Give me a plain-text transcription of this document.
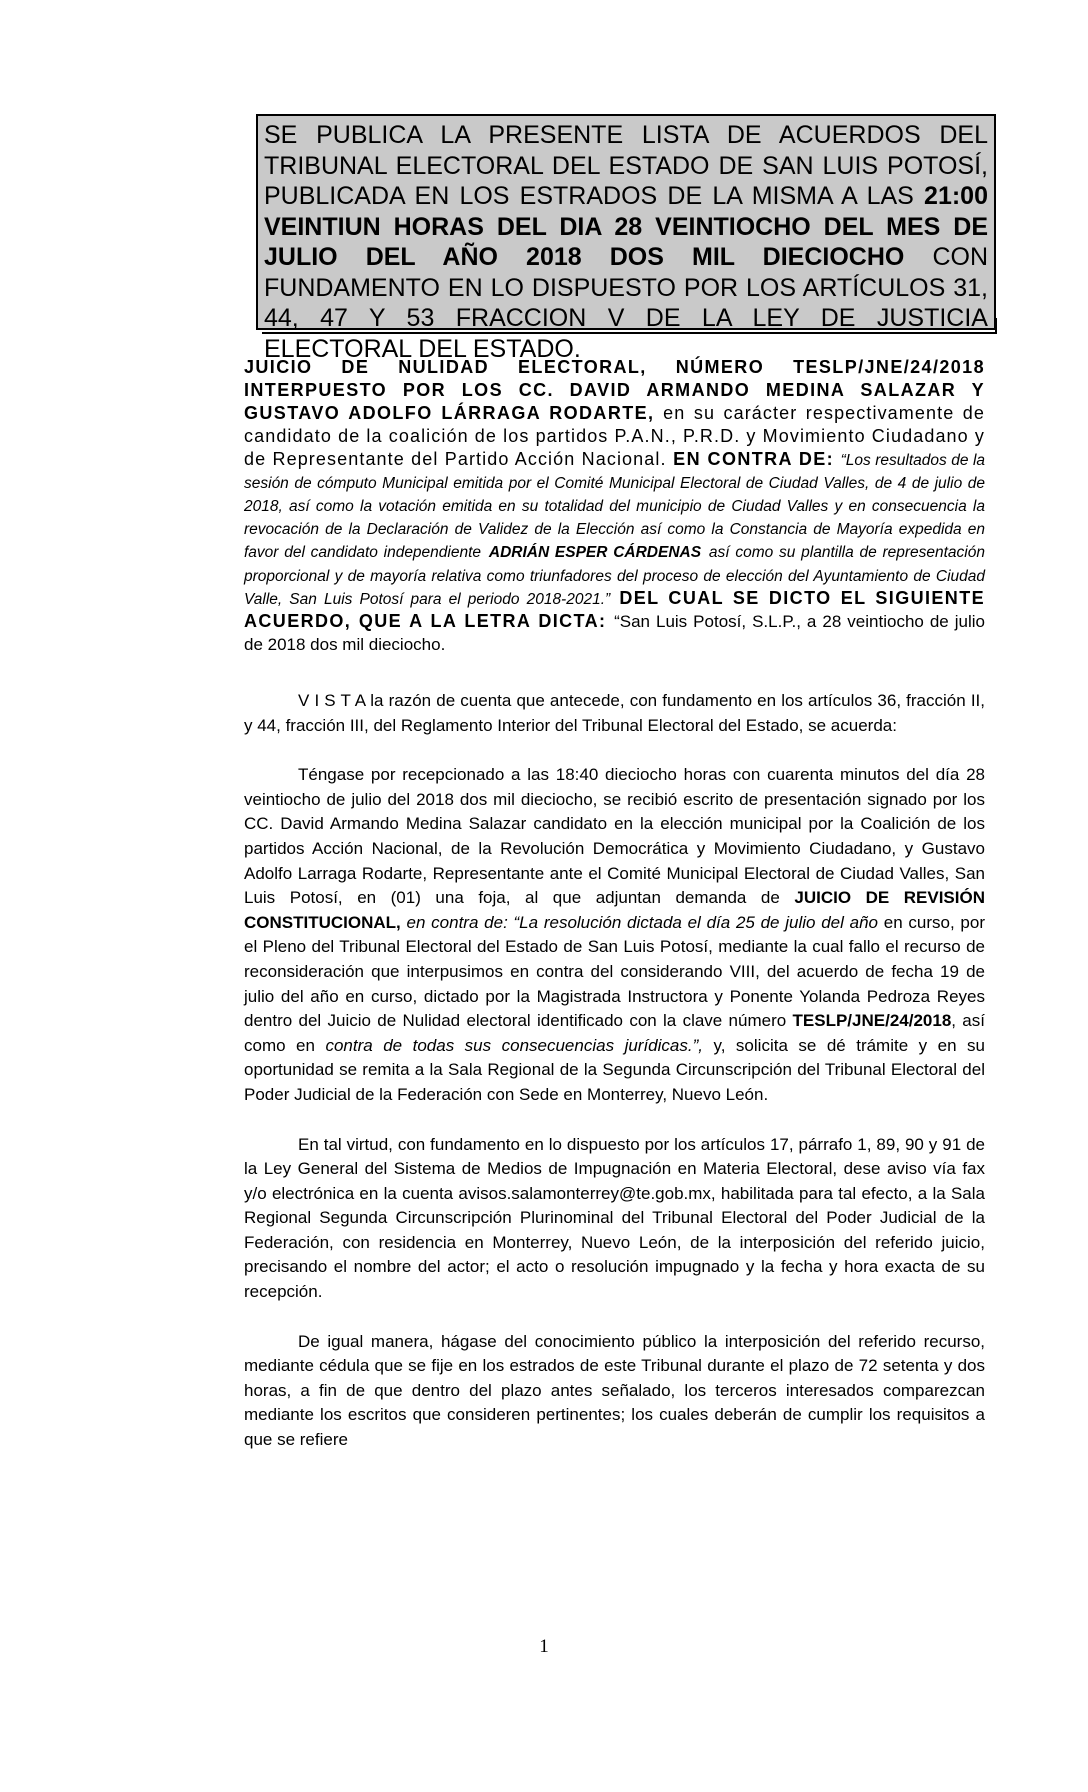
SE PUBLICA LA PRESENTE LISTA DE ACUERDOS DEL TRIBUNAL ELECTORAL DEL ESTADO DE SAN LUIS POTOSÍ, PUBLICADA EN LOS ESTRADOS DE LA MISMA A LAS 21:00 VEINTIUN HORAS DEL DIA 28 VEINTIOCHO DEL MES DE JULIO DEL AÑO 2018 DOS MIL DIECIOCHO CON FUNDAMENTO EN LO DISPUESTO POR LOS ARTÍCULOS 31, 44, 47 Y 53 FRACCION V DE LA LEY DE JUSTICIA ELECTORAL DEL ESTADO.
JUICIO DE NULIDAD ELECTORAL, NÚMERO TESLP/JNE/24/2018 INTERPUESTO POR LOS CC. DAVID ARMANDO MEDINA SALAZAR Y GUSTAVO ADOLFO LÁRRAGA RODARTE, en su carácter respectivamente de candidato de la coalición de los partidos P.A.N., P.R.D. y Movimiento Ciudadano y de Representante del Partido Acción Nacional. EN CONTRA DE: “Los resultados de la sesión de cómputo Municipal emitida por el Comité Municipal Electoral de Ciudad Valles, de 4 de julio de 2018, así como la votación emitida en su totalidad del municipio de Ciudad Valles y en consecuencia la revocación de la Declaración de Validez de la Elección así como la Constancia de Mayoría expedida en favor del candidato independiente ADRIÁN ESPER CÁRDENAS así como su plantilla de representación proporcional y de mayoría relativa como triunfadores del proceso de elección del Ayuntamiento de Ciudad Valle, San Luis Potosí para el periodo 2018-2021.” DEL CUAL SE DICTO EL SIGUIENTE ACUERDO, QUE A LA LETRA DICTA: “San Luis Potosí, S.L.P., a 28 veintiocho de julio de 2018 dos mil dieciocho.

V I S T A la razón de cuenta que antecede, con fundamento en los artículos 36, fracción II, y 44, fracción III, del Reglamento Interior del Tribunal Electoral del Estado, se acuerda:

Téngase por recepcionado a las 18:40 dieciocho horas con cuarenta minutos del día 28 veintiocho de julio del 2018 dos mil dieciocho, se recibió escrito de presentación signado por los CC. David Armando Medina Salazar candidato en la elección municipal por la Coalición de los partidos Acción Nacional, de la Revolución Democrática y Movimiento Ciudadano, y Gustavo Adolfo Larraga Rodarte, Representante ante el Comité Municipal Electoral de Ciudad Valles, San Luis Potosí, en (01) una foja, al que adjuntan demanda de JUICIO DE REVISIÓN CONSTITUCIONAL, en contra de: “La resolución dictada el día 25 de julio del año en curso, por el Pleno del Tribunal Electoral del Estado de San Luis Potosí, mediante la cual fallo el recurso de reconsideración que interpusimos en contra del considerando VIII, del acuerdo de fecha 19 de julio del año en curso, dictado por la Magistrada Instructora y Ponente Yolanda Pedroza Reyes dentro del Juicio de Nulidad electoral identificado con la clave número TESLP/JNE/24/2018, así como en contra de todas sus consecuencias jurídicas.”, y, solicita se dé trámite y en su oportunidad se remita a la Sala Regional de la Segunda Circunscripción del Tribunal Electoral del Poder Judicial de la Federación con Sede en Monterrey, Nuevo León.

En tal virtud, con fundamento en lo dispuesto por los artículos 17, párrafo 1, 89, 90 y 91 de la Ley General del Sistema de Medios de Impugnación en Materia Electoral, dese aviso vía fax y/o electrónica en la cuenta avisos.salamonterrey@te.gob.mx, habilitada para tal efecto, a la Sala Regional Segunda Circunscripción Plurinominal del Tribunal Electoral del Poder Judicial de la Federación, con residencia en Monterrey, Nuevo León, de la interposición del referido juicio, precisando el nombre del actor; el acto o resolución impugnado y la fecha y hora exacta de su recepción.

De igual manera, hágase del conocimiento público la interposición del referido recurso, mediante cédula que se fije en los estrados de este Tribunal durante el plazo de 72 setenta y dos horas, a fin de que dentro del plazo antes señalado, los terceros interesados comparezcan mediante los escritos que consideren pertinentes; los cuales deberán de cumplir los requisitos a que se refiere

1
